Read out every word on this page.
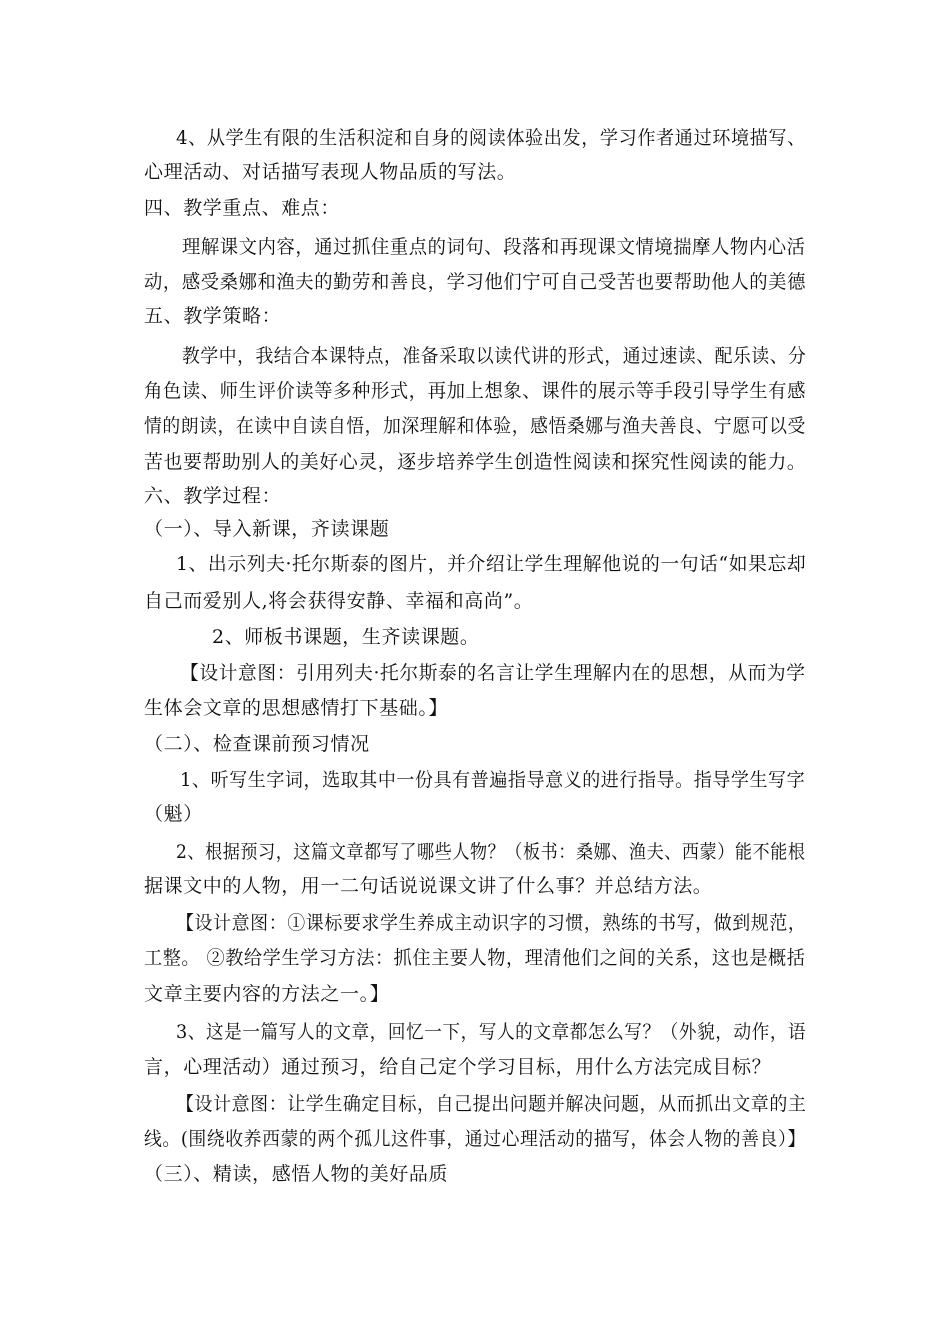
4、从学生有限的生活积淀和自身的阅读体验出发，学习作者通过环境描写、
心理活动、对话描写表现人物品质的写法。
四、教学重点、难点：
理解课文内容，通过抓住重点的词句、段落和再现课文情境揣摩人物内心活
动，感受桑娜和渔夫的勤劳和善良，学习他们宁可自己受苦也要帮助他人的美德
五、教学策略：
教学中，我结合本课特点，准备采取以读代讲的形式，通过速读、配乐读、分
角色读、师生评价读等多种形式，再加上想象、课件的展示等手段引导学生有感
情的朗读，在读中自读自悟，加深理解和体验，感悟桑娜与渔夫善良、宁愿可以受
苦也要帮助别人的美好心灵，逐步培养学生创造性阅读和探究性阅读的能力。
六、教学过程：
（一）、导入新课，齐读课题
1、出示列夫·托尔斯泰的图片，并介绍让学生理解他说的一句话“如果忘却
自己而爱别人,将会获得安静、幸福和高尚”。
2、师板书课题，生齐读课题。
【设计意图：引用列夫·托尔斯泰的名言让学生理解内在的思想，从而为学
生体会文章的思想感情打下基础。】
（二）、检查课前预习情况
1、听写生字词，选取其中一份具有普遍指导意义的进行指导。指导学生写字
（魁）
2、根据预习，这篇文章都写了哪些人物？（板书：桑娜、渔夫、西蒙）能不能根
据课文中的人物，用一二句话说说课文讲了什么事？并总结方法。
【设计意图：①课标要求学生养成主动识字的习惯，熟练的书写，做到规范，
工整。 ②教给学生学习方法：抓住主要人物，理清他们之间的关系，这也是概括
文章主要内容的方法之一。】
3、这是一篇写人的文章，回忆一下，写人的文章都怎么写？（外貌，动作，语
言，心理活动）通过预习，给自己定个学习目标，用什么方法完成目标？
【设计意图：让学生确定目标，自己提出问题并解决问题，从而抓出文章的主
线。(围绕收养西蒙的两个孤儿这件事，通过心理活动的描写，体会人物的善良）】
（三）、精读，感悟人物的美好品质
